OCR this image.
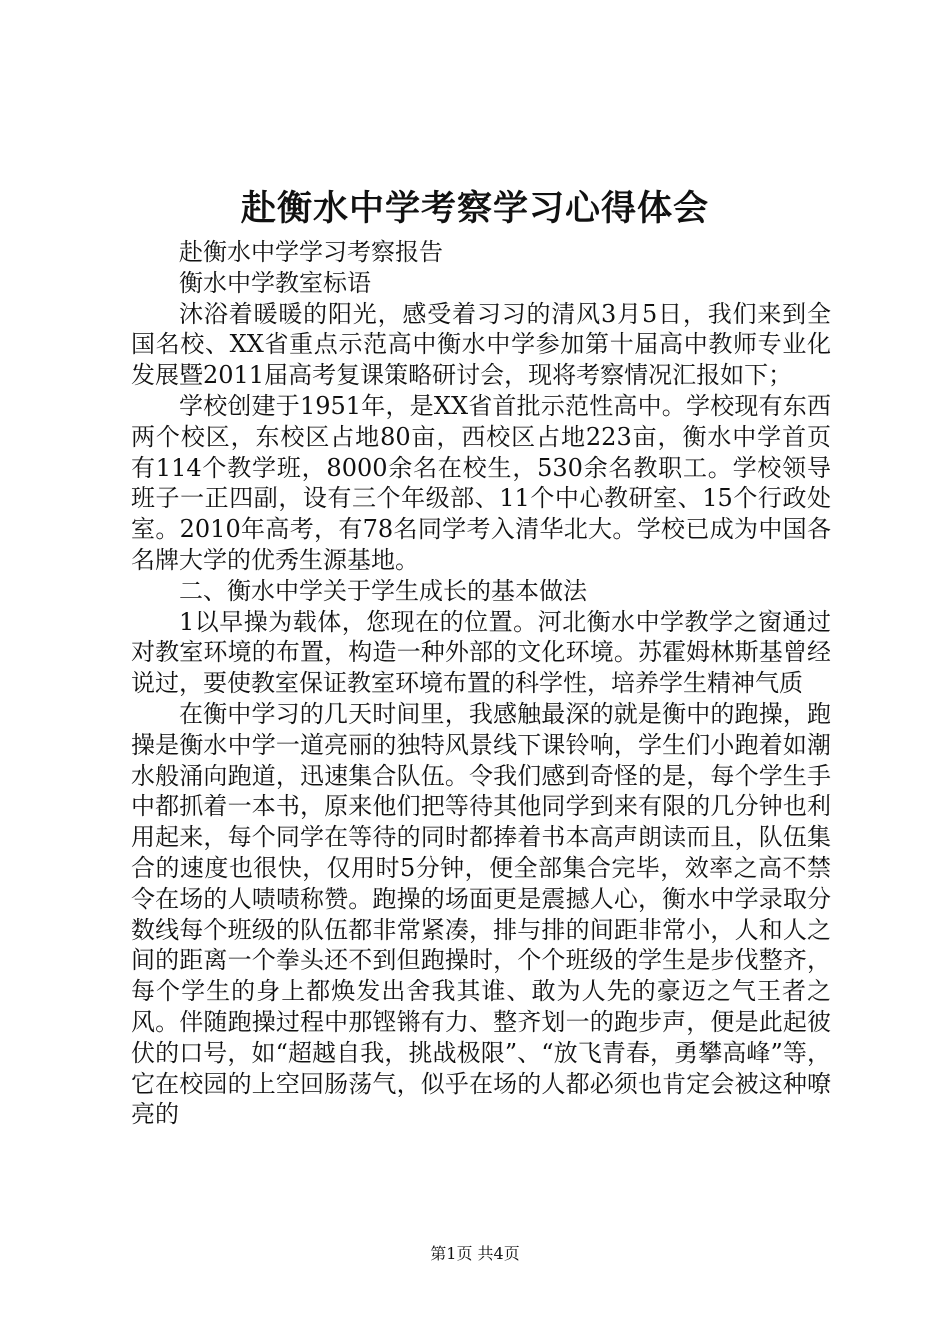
赴衡水中学考察学习心得体会

赴衡水中学学习考察报告

衡水中学教室标语

沐浴着暖暖的阳光，感受着习习的清风3月5日，我们来到全国名校、XX省重点示范高中衡水中学参加第十届高中教师专业化发展暨2011届高考复课策略研讨会，现将考察情况汇报如下；

学校创建于1951年，是XX省首批示范性高中。学校现有东西两个校区，东校区占地80亩，西校区占地223亩，衡水中学首页有114个教学班，8000余名在校生，530余名教职工。学校领导班子一正四副，设有三个年级部、11个中心教研室、15个行政处室。2010年高考，有78名同学考入清华北大。学校已成为中国各名牌大学的优秀生源基地。

二、衡水中学关于学生成长的基本做法

1以早操为载体，您现在的位置。河北衡水中学教学之窗通过对教室环境的布置，构造一种外部的文化环境。苏霍姆林斯基曾经说过，要使教室保证教室环境布置的科学性，培养学生精神气质

在衡中学习的几天时间里，我感触最深的就是衡中的跑操，跑操是衡水中学一道亮丽的独特风景线下课铃响，学生们小跑着如潮水般涌向跑道，迅速集合队伍。令我们感到奇怪的是，每个学生手中都抓着一本书，原来他们把等待其他同学到来有限的几分钟也利用起来，每个同学在等待的同时都捧着书本高声朗读而且，队伍集合的速度也很快，仅用时5分钟，便全部集合完毕，效率之高不禁令在场的人啧啧称赞。跑操的场面更是震撼人心，衡水中学录取分数线每个班级的队伍都非常紧凑，排与排的间距非常小，人和人之间的距离一个拳头还不到但跑操时，个个班级的学生是步伐整齐，每个学生的身上都焕发出舍我其谁、敢为人先的豪迈之气王者之风。伴随跑操过程中那铿锵有力、整齐划一的跑步声，便是此起彼伏的口号，如“超越自我，挑战极限”、“放飞青春，勇攀高峰”等，它在校园的上空回肠荡气，似乎在场的人都必须也肯定会被这种嘹亮的

第1页 共4页
